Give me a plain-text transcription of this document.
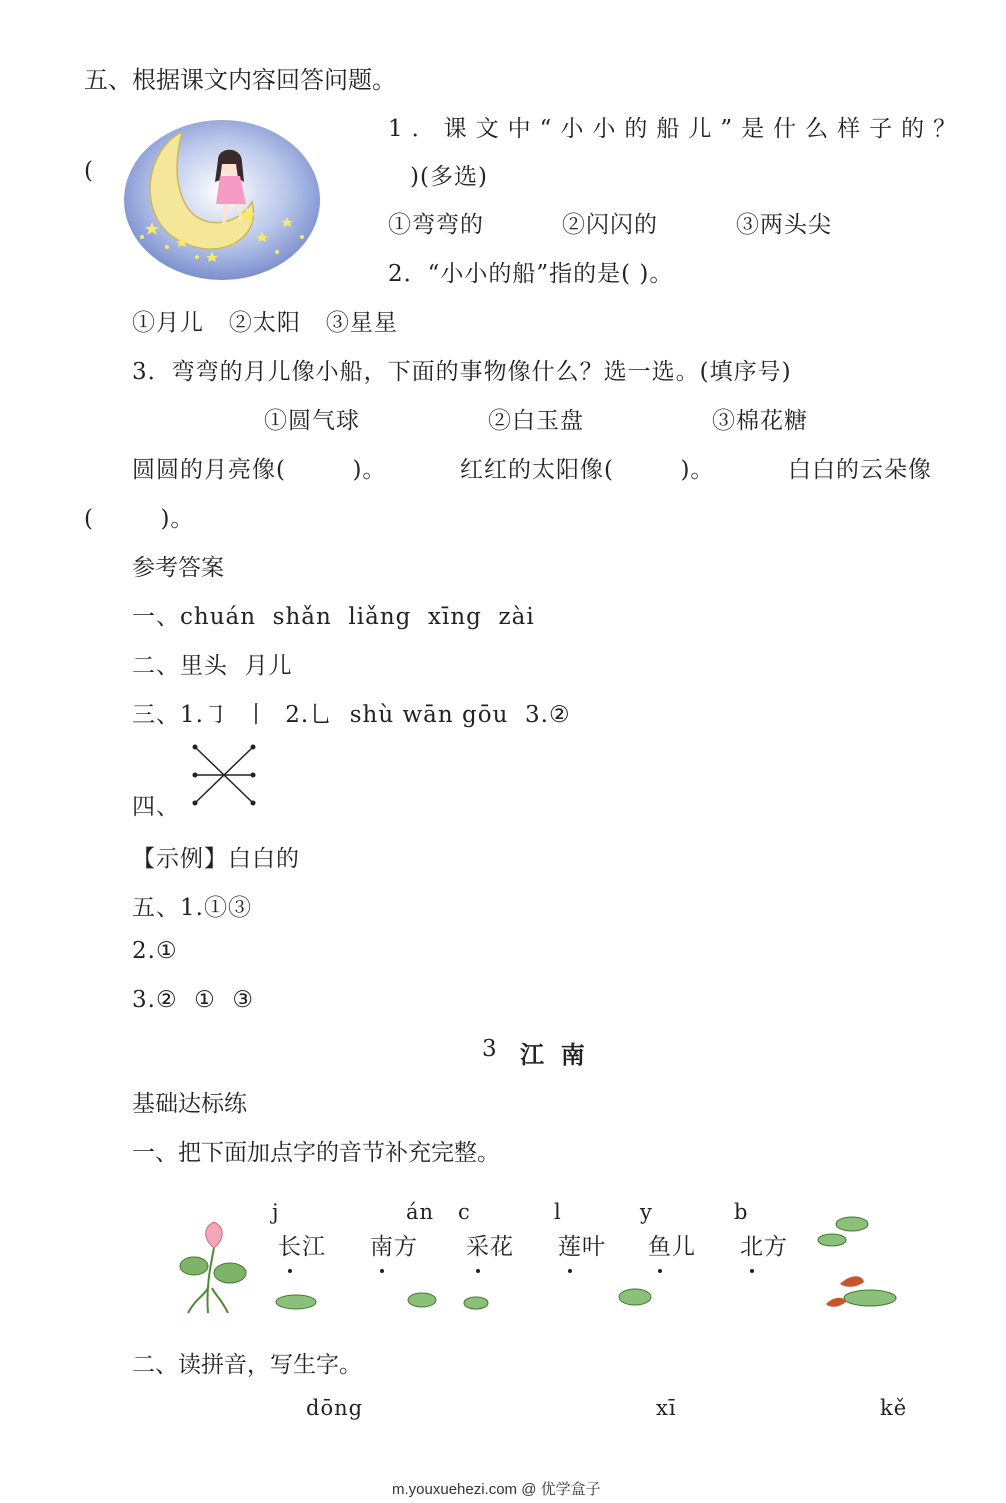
五、根据课文内容回答问题。
1．课文中“小小的船儿”是什么样子的？
(	)(多选)
①弯弯的	②闪闪的	③两头尖
2．“小小的船”指的是( )。
①月儿   ②太阳   ③星星
3．弯弯的月儿像小船，下面的事物像什么？选一选。(填序号)
①圆气球	②白玉盘	③棉花糖
圆圆的月亮像(        )。	红红的太阳像(        )。	白白的云朵像
(        )。
参考答案
一、chuán  shǎn  liǎng  xīng  zài
二、里头  月儿
三、1.㇆  丨  2.乚  shù wān gōu  3.②
四、
【示例】白白的
五、1.①③
2.①
3.②  ①  ③
3 江  南
基础达标练
一、把下面加点字的音节补充完整。
j
长江
án
南方
c
采花
l
莲叶
y
鱼儿
b
北方
二、读拼音，写生字。
dōng	xī	kě
m.youxuehezi.com @ 优学盒子
